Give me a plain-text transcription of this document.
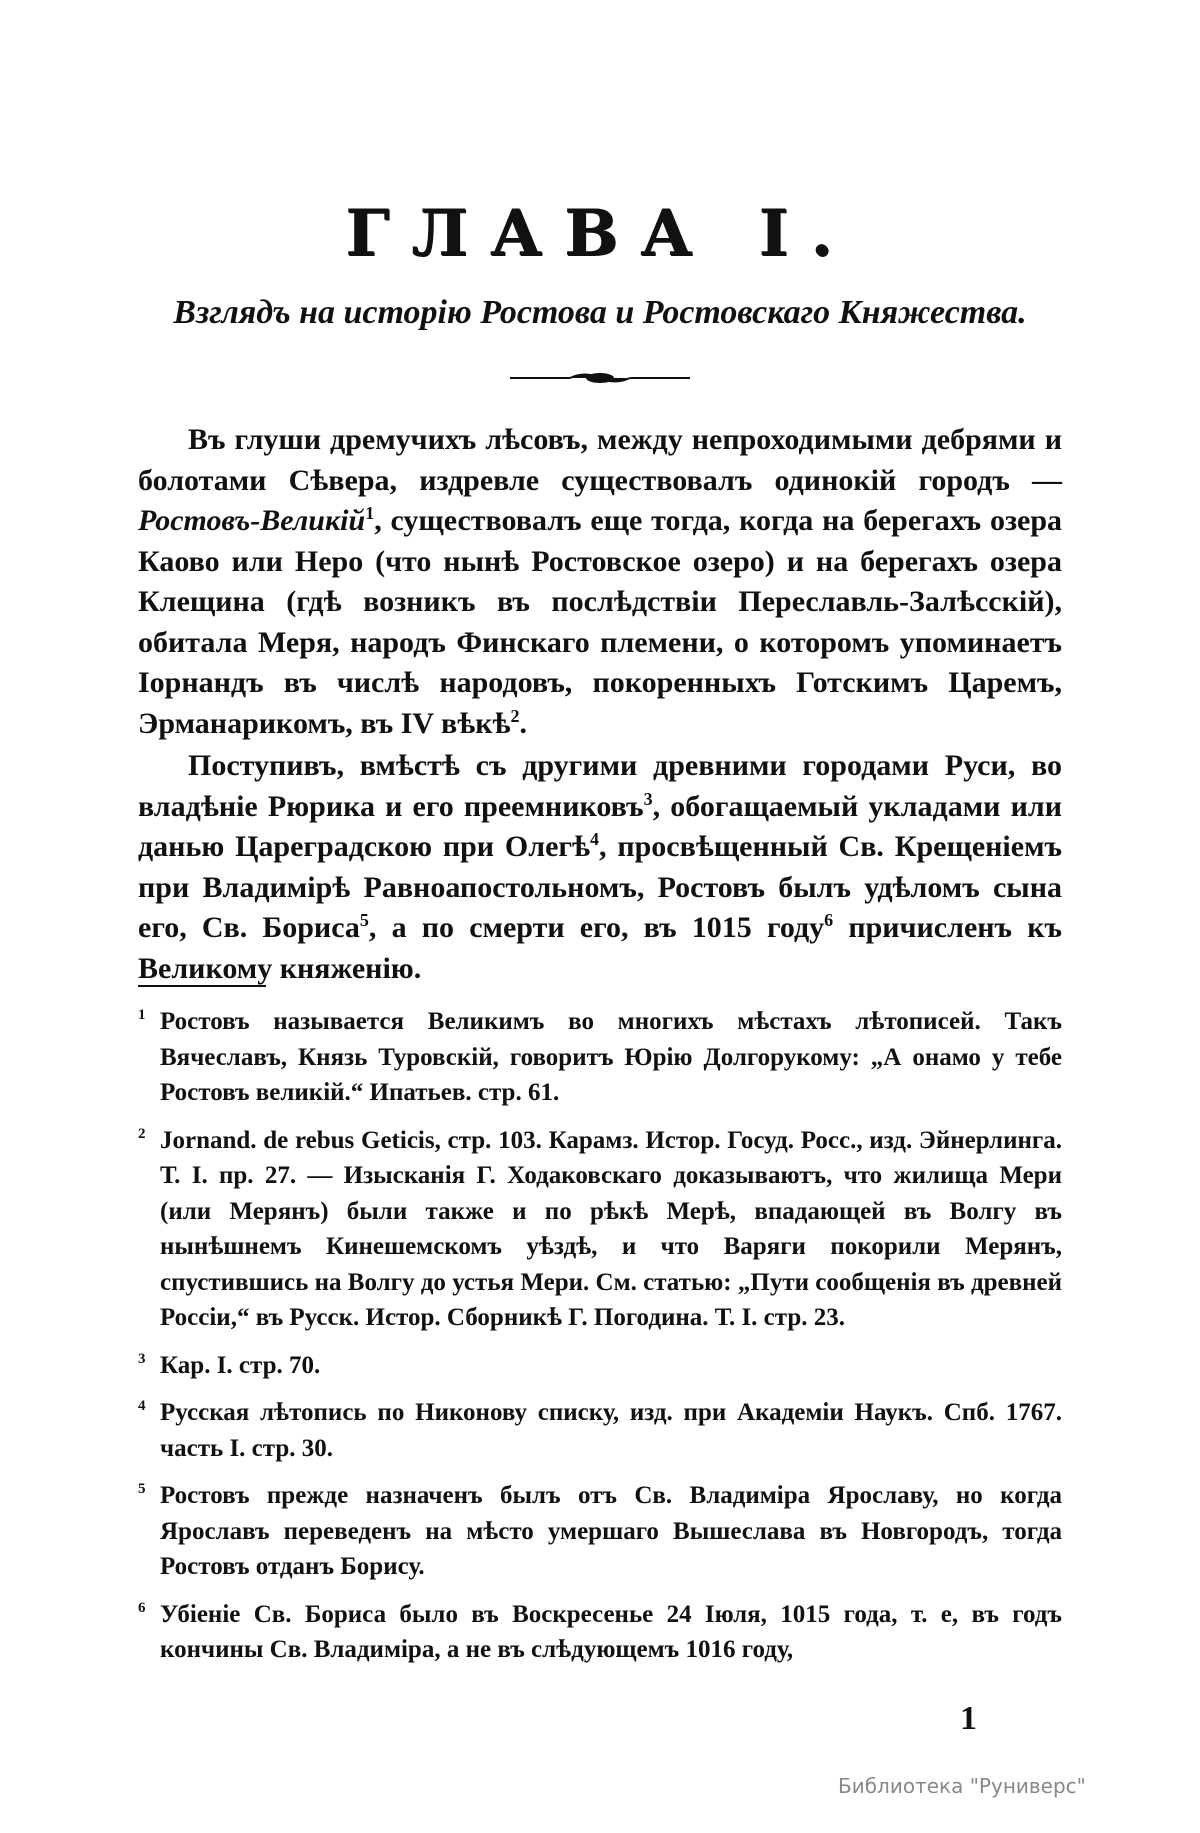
ГЛАВА I.
Взглядъ на исторію Ростова и Ростовскаго Княжества.

Въ глуши дремучихъ лѣсовъ, между непроходимыми дебрями и болотами Сѣвера, издревле существовалъ одинокій городъ — Ростовъ-Великій$^1$, существовалъ еще тогда, когда на берегахъ озера Каово или Неро (что нынѣ Ростовское озеро) и на берегахъ озера Клещина (гдѣ возникъ въ послѣдствіи Переславль-Залѣсскій), обитала Меря, народъ Финскаго племени, о которомъ упоминаетъ Іорнандъ въ числѣ народовъ, покоренныхъ Готскимъ Царемъ, Эрманарикомъ, въ IV вѣкѣ$^2$.

Поступивъ, вмѣстѣ съ другими древними городами Руси, во владѣніе Рюрика и его преемниковъ$^3$, обогащаемый укладами или данью Цареградскою при Олегѣ$^4$, просвѣщенный Св. Крещеніемъ при Владимірѣ Равноапостольномъ, Ростовъ былъ удѣломъ сына его, Св. Бориса$^5$, а по смерти его, въ 1015 году$^6$ причисленъ къ Великому княженію.

1 Ростовъ называется Великимъ во многихъ мѣстахъ лѣтописей. Такъ Вячеславъ, Князь Туровскій, говоритъ Юрію Долгорукому: „А онамо у тебе Ростовъ великій.“ Ипатьев. стр. 61.

2 Jornand. de rebus Geticis, стр. 103. Карамз. Истор. Госуд. Росс., изд. Эйнерлинга. Т. I. пр. 27. — Изысканія Г. Ходаковскаго доказываютъ, что жилища Мери (или Мерянъ) были также и по рѣкѣ Мерѣ, впадающей въ Волгу въ нынѣшнемъ Кинешемскомъ уѣздѣ, и что Варяги покорили Мерянъ, спустившись на Волгу до устья Мери. См. статью: „Пути сообщенія въ древней Россіи,“ въ Русск. Истор. Сборникѣ Г. Погодина. Т. I. стр. 23.

3 Кар. I. стр. 70.

4 Русская лѣтопись по Никонову списку, изд. при Академіи Наукъ. Спб. 1767. часть I. стр. 30.

5 Ростовъ прежде назначенъ былъ отъ Св. Владиміра Ярославу, но когда Ярославъ переведенъ на мѣсто умершаго Вышеслава въ Новгородъ, тогда Ростовъ отданъ Борису.

6 Убіеніе Св. Бориса было въ Воскресенье 24 Іюля, 1015 года, т. е, въ годъ кончины Св. Владиміра, а не въ слѣдующемъ 1016 году,

1
Библиотека "Руниверс"
